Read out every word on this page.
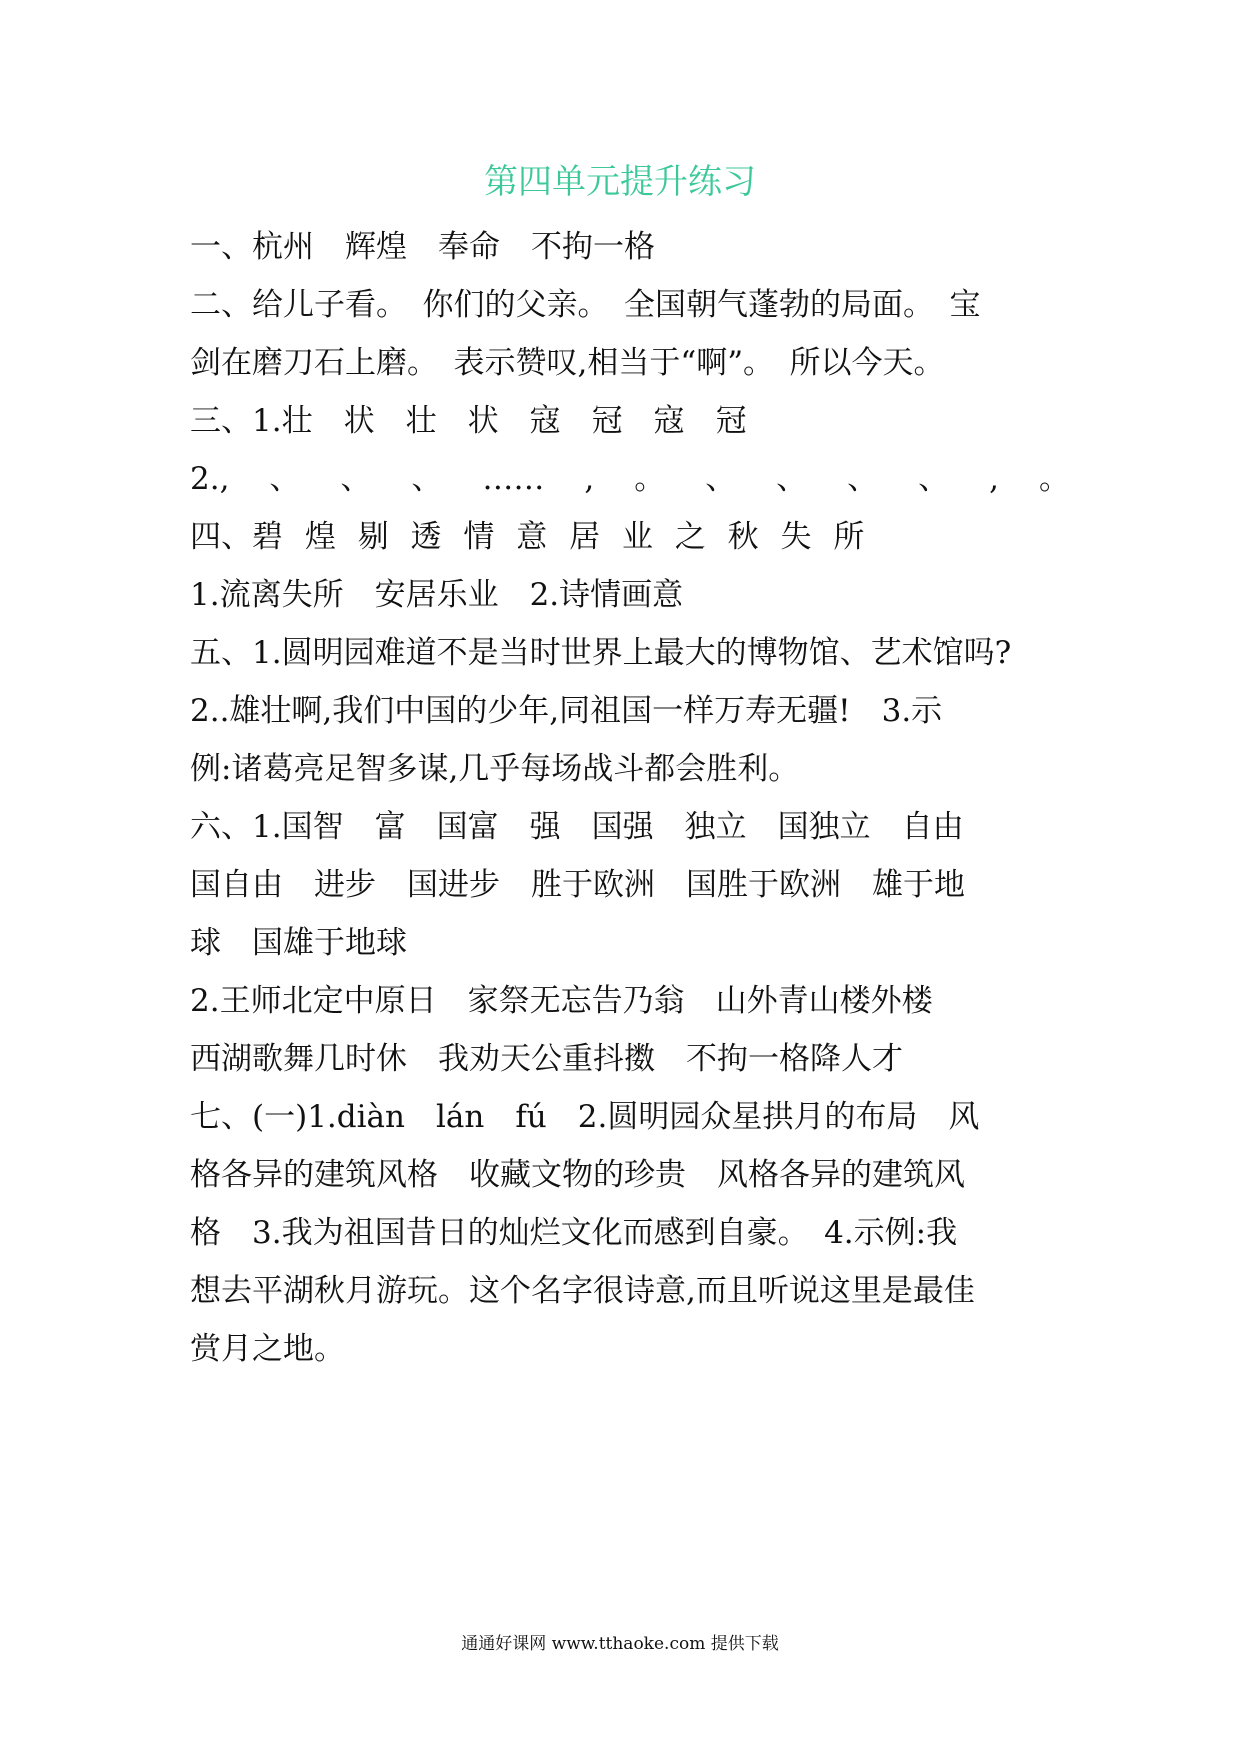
第四单元提升练习
一、杭州　辉煌　奉命　不拘一格
二、给儿子看。　你们的父亲。　全国朝气蓬勃的局面。　宝
剑在磨刀石上磨。　表示赞叹,相当于“啊”。　所以今天。
三、1.壮　状　壮　状　寇　冠　寇　冠
2., 、 、 、 …… , 。 、 、 、 、 , 。
四、碧 煌 剔 透 情 意 居 业 之 秋 失 所
1.流离失所　安居乐业　2.诗情画意
五、1.圆明园难道不是当时世界上最大的博物馆、艺术馆吗?
2..雄壮啊,我们中国的少年,同祖国一样万寿无疆!　3.示
例:诸葛亮足智多谋,几乎每场战斗都会胜利。
六、1.国智　富　国富　强　国强　独立　国独立　自由
国自由　进步　国进步　胜于欧洲　国胜于欧洲　雄于地
球　国雄于地球
2.王师北定中原日　家祭无忘告乃翁　山外青山楼外楼
西湖歌舞几时休　我劝天公重抖擞　不拘一格降人才
七、(一)1.diàn　lán　fú　2.圆明园众星拱月的布局　风
格各异的建筑风格　收藏文物的珍贵　风格各异的建筑风
格　3.我为祖国昔日的灿烂文化而感到自豪。　4.示例:我
想去平湖秋月游玩。这个名字很诗意,而且听说这里是最佳
赏月之地。
通通好课网 www.tthaoke.com 提供下载
